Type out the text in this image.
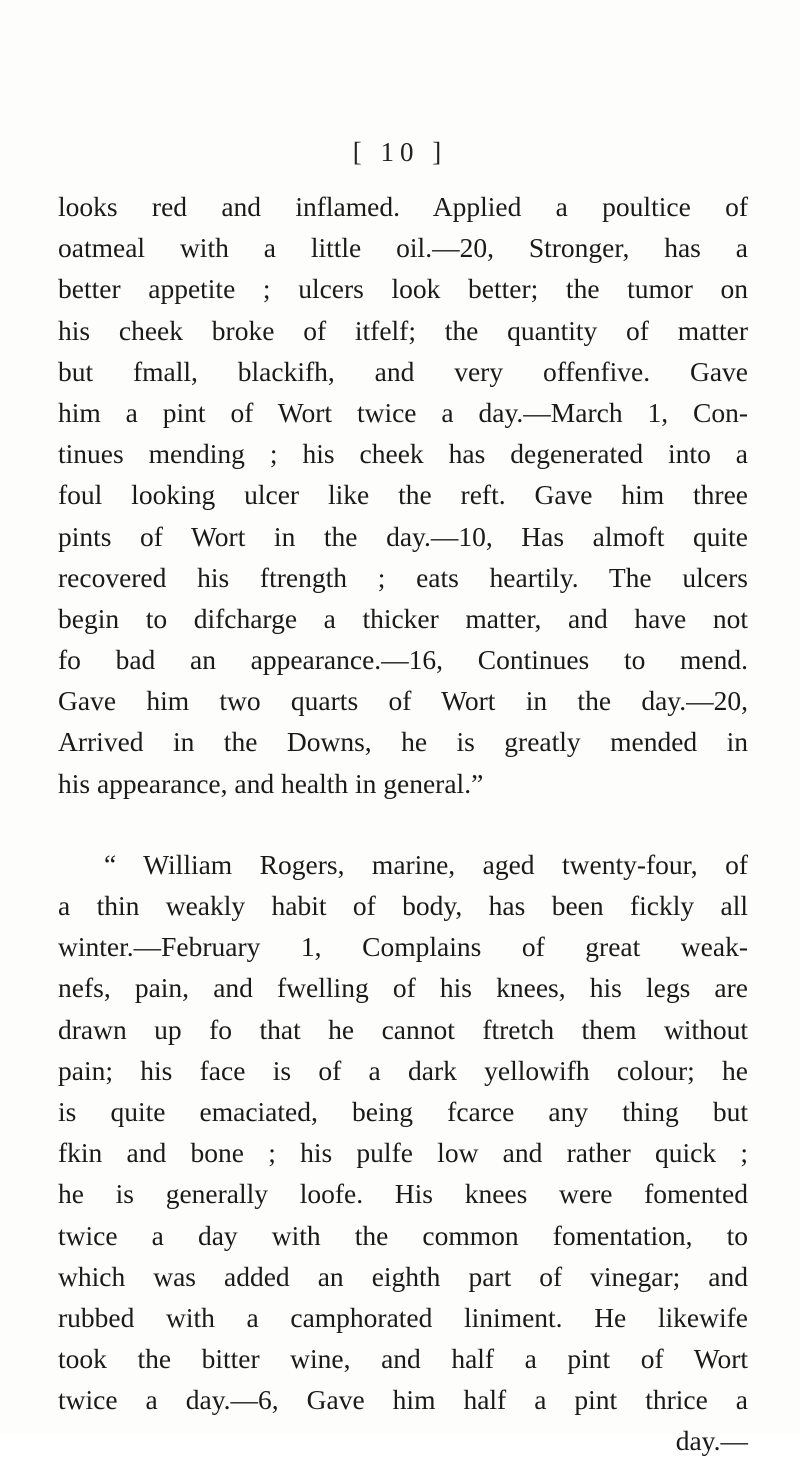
[ 10 ]
looks red and inflamed. Applied a poultice of
oatmeal with a little oil.—20, Stronger, has a
better appetite ; ulcers look better; the tumor on
his cheek broke of itfelf; the quantity of matter
but fmall, blackifh, and very offenfive. Gave
him a pint of Wort twice a day.—March 1, Con-
tinues mending ; his cheek has degenerated into a
foul looking ulcer like the reft. Gave him three
pints of Wort in the day.—10, Has almoft quite
recovered his ftrength ; eats heartily. The ulcers
begin to difcharge a thicker matter, and have not
fo bad an appearance.—16, Continues to mend.
Gave him two quarts of Wort in the day.—20,
Arrived in the Downs, he is greatly mended in
his appearance, and health in general.”
“ William Rogers, marine, aged twenty-four, of
a thin weakly habit of body, has been fickly all
winter.—February 1, Complains of great weak-
nefs, pain, and fwelling of his knees, his legs are
drawn up fo that he cannot ftretch them without
pain; his face is of a dark yellowifh colour; he
is quite emaciated, being fcarce any thing but
fkin and bone ; his pulfe low and rather quick ;
he is generally loofe. His knees were fomented
twice a day with the common fomentation, to
which was added an eighth part of vinegar; and
rubbed with a camphorated liniment. He likewife
took the bitter wine, and half a pint of Wort
twice a day.—6, Gave him half a pint thrice a
day.—
